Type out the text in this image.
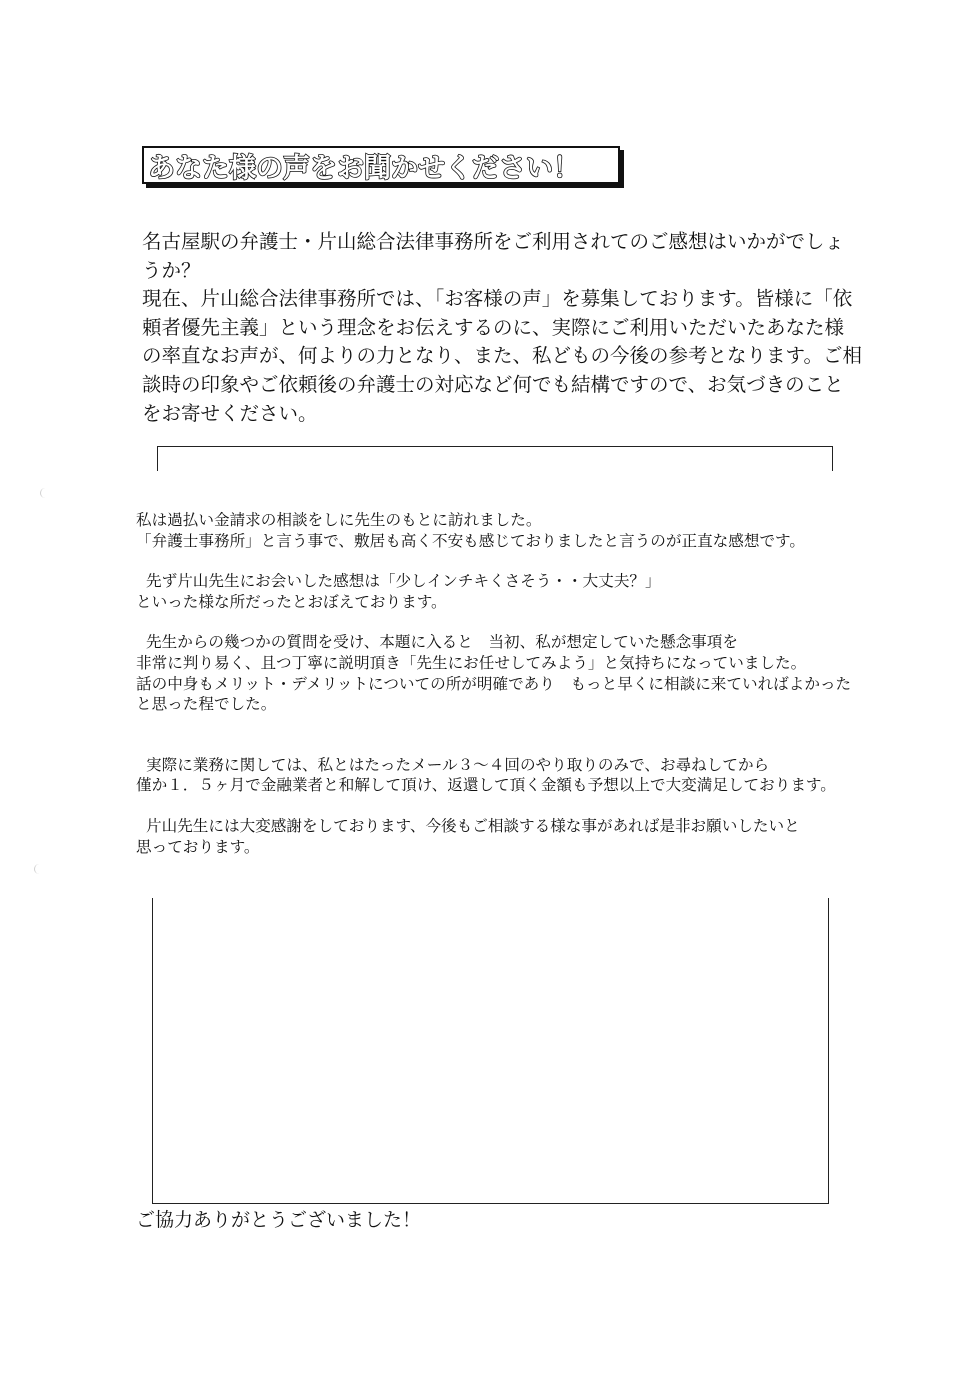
あなた様の声をお聞かせください！

名古屋駅の弁護士・片山総合法律事務所をご利用されてのご感想はいかがでしょうか？

現在、片山総合法律事務所では、「お客様の声」を募集しております。皆様に「依頼者優先主義」という理念をお伝えするのに、実際にご利用いただいたあなた様の率直なお声が、何よりの力となり、また、私どもの今後の参考となります。ご相談時の印象やご依頼後の弁護士の対応など何でも結構ですので、お気づきのことをお寄せください。

私は過払い金請求の相談をしに先生のもとに訪れました。
「弁護士事務所」と言う事で、敷居も高く不安も感じておりましたと言うのが正直な感想です。
先ず片山先生にお会いした感想は「少しインチキくさそう・・大丈夫？」
といった様な所だったとおぼえております。
先生からの幾つかの質問を受け、本題に入ると　当初、私が想定していた懸念事項を
非常に判り易く、且つ丁寧に説明頂き「先生にお任せしてみよう」と気持ちになっていました。
話の中身もメリット・デメリットについての所が明確であり　もっと早くに相談に来ていればよかった
と思った程でした。
実際に業務に関しては、私とはたったメール３～４回のやり取りのみで、お尋ねしてから
僅か１．５ヶ月で金融業者と和解して頂け、返還して頂く金額も予想以上で大変満足しております。
片山先生には大変感謝をしております、今後もご相談する様な事があれば是非お願いしたいと
思っております。
ご協力ありがとうございました！
